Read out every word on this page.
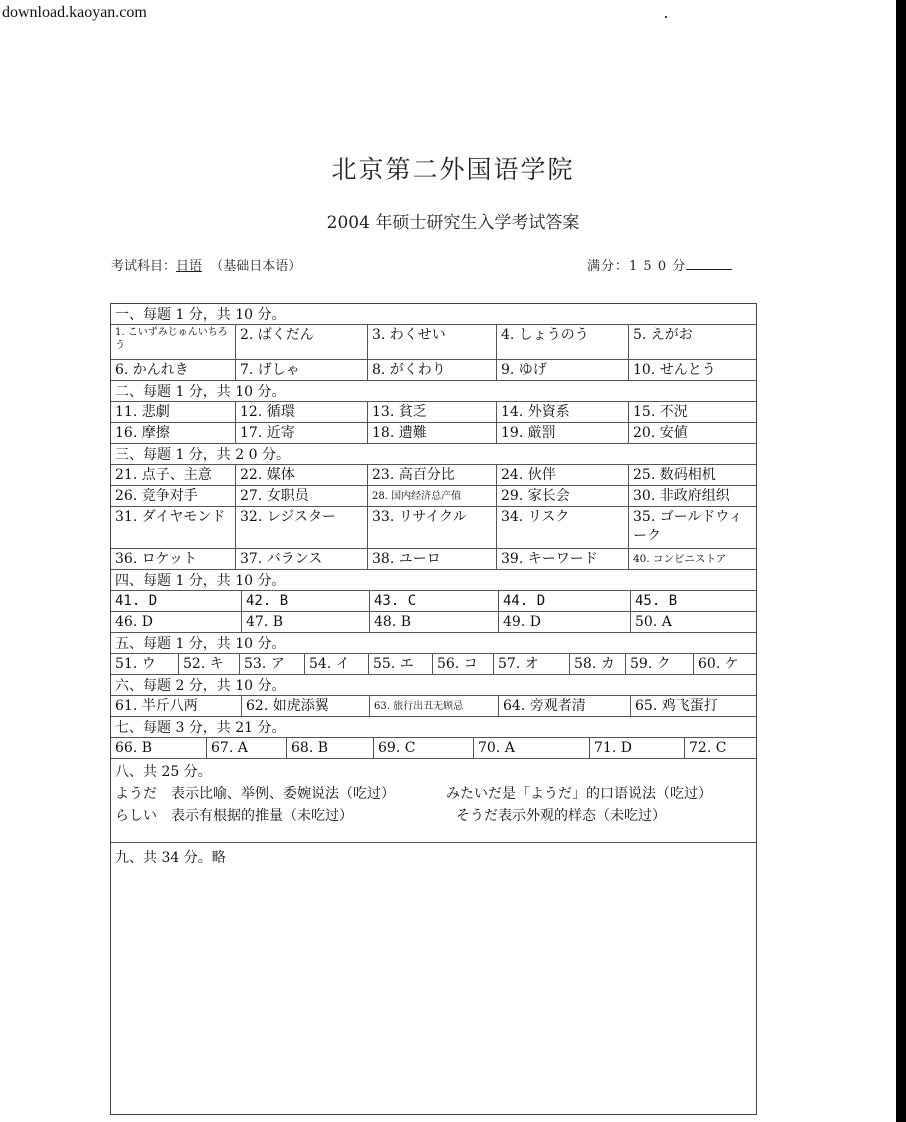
download.kaoyan.com
北京第二外国语学院
2004 年硕士研究生入学考试答案
考试科目：日语 （基础日本语）	满分：1 5 0 分
一、每题 1 分，共 10 分。
1. こいずみじゅんいちろう
2. ばくだん	3. わくせい	4. しょうのう	5. えがお
6. かんれき	7. げしゃ	8. がくわり	9. ゆげ	10. せんとう
二、每题 1 分，共 10 分。
11. 悲劇	12. 循環	13. 貧乏	14. 外資系	15. 不況
16. 摩擦	17. 近寄	18. 遭難	19. 厳罰	20. 安値
三、每题 1 分，共 2 0 分。
21. 点子、主意	22. 媒体	23. 高百分比	24. 伙伴	25. 数码相机
26. 竞争对手	27. 女职员	28. 国内经济总产值	29. 家长会	30. 非政府组织
31. ダイヤモンド	32. レジスター	33. リサイクル	34. リスク	35. ゴールドウィーク
36. ロケット	37. バランス	38. ユーロ	39. キーワード	40. コンビニストア
四、每题 1 分，共 10 分。
41. D	42. B	43. C	44. D	45. B
46. D	47. B	48. B	49. D	50. A
五、每题 1 分，共 10 分。
51. ウ	52. キ	53. ア	54. イ	55. エ	56. コ	57. オ	58. カ	59. ク	60. ケ
六、每题 2 分，共 10 分。
61. 半斤八两	62. 如虎添翼	63. 旅行出丑无顾忌	64. 旁观者清	65. 鸡飞蛋打
七、每题 3 分，共 21 分。
66. B	67. A	68. B	69. C	70. A	71. D	72. C
八、共 25 分。
ようだ　表示比喻、举例、委婉说法（吃过）	みたいだ是「ようだ」的口语说法（吃过）
らしい　表示有根据的推量（未吃过）	そうだ表示外观的样态（未吃过）
九、共 34 分。略
